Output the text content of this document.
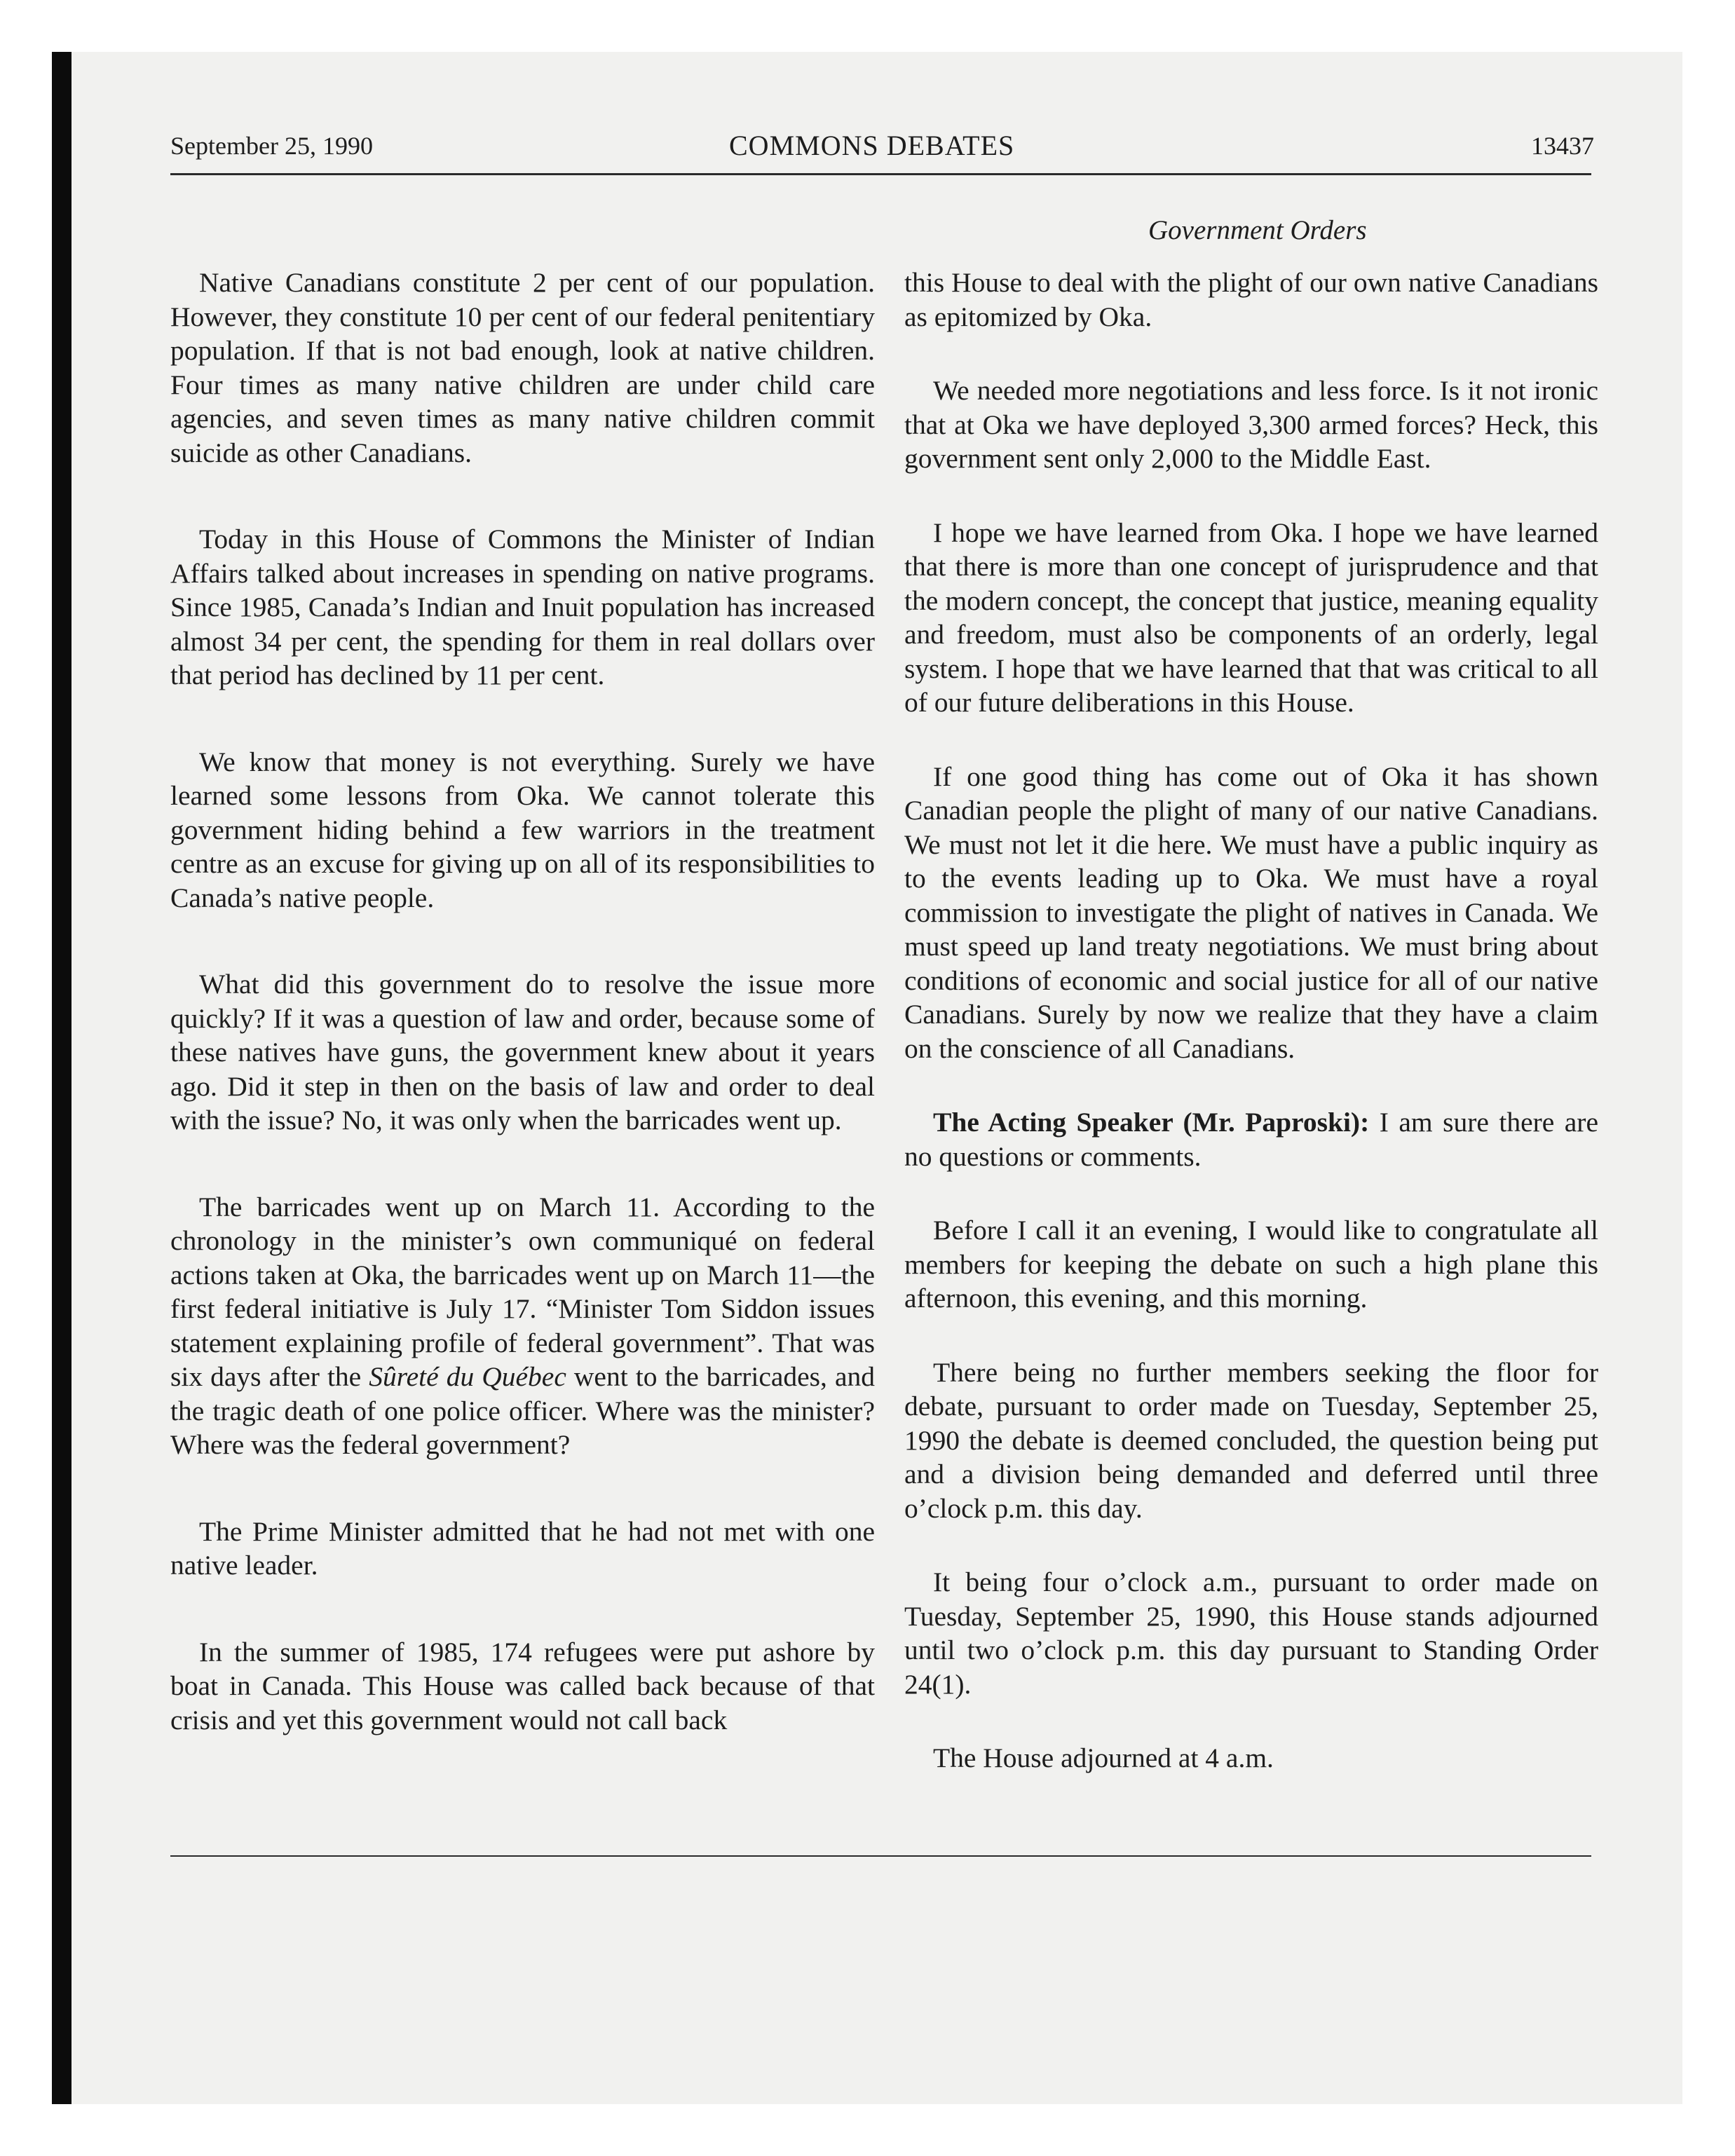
September 25, 1990	COMMONS DEBATES	13437
Government Orders

Native Canadians constitute 2 per cent of our population. However, they constitute 10 per cent of our federal penitentiary population. If that is not bad enough, look at native children. Four times as many native children are under child care agencies, and seven times as many native children commit suicide as other Canadians.

Today in this House of Commons the Minister of Indian Affairs talked about increases in spending on native programs. Since 1985, Canada’s Indian and Inuit population has increased almost 34 per cent, the spending for them in real dollars over that period has declined by 11 per cent.

We know that money is not everything. Surely we have learned some lessons from Oka. We cannot tolerate this government hiding behind a few warriors in the treatment centre as an excuse for giving up on all of its responsibilities to Canada’s native people.

What did this government do to resolve the issue more quickly? If it was a question of law and order, because some of these natives have guns, the government knew about it years ago. Did it step in then on the basis of law and order to deal with the issue? No, it was only when the barricades went up.

The barricades went up on March 11. According to the chronology in the minister’s own communiqué on federal actions taken at Oka, the barricades went up on March 11—the first federal initiative is July 17. “Minister Tom Siddon issues statement explaining profile of federal government”. That was six days after the Sûreté du Québec went to the barricades, and the tragic death of one police officer. Where was the minister? Where was the federal government?

The Prime Minister admitted that he had not met with one native leader.

In the summer of 1985, 174 refugees were put ashore by boat in Canada. This House was called back because of that crisis and yet this government would not call back

this House to deal with the plight of our own native Canadians as epitomized by Oka.

We needed more negotiations and less force. Is it not ironic that at Oka we have deployed 3,300 armed forces? Heck, this government sent only 2,000 to the Middle East.

I hope we have learned from Oka. I hope we have learned that there is more than one concept of jurisprudence and that the modern concept, the concept that justice, meaning equality and freedom, must also be components of an orderly, legal system. I hope that we have learned that that was critical to all of our future deliberations in this House.

If one good thing has come out of Oka it has shown Canadian people the plight of many of our native Canadians. We must not let it die here. We must have a public inquiry as to the events leading up to Oka. We must have a royal commission to investigate the plight of natives in Canada. We must speed up land treaty negotiations. We must bring about conditions of economic and social justice for all of our native Canadians. Surely by now we realize that they have a claim on the conscience of all Canadians.

The Acting Speaker (Mr. Paproski): I am sure there are no questions or comments.

Before I call it an evening, I would like to congratulate all members for keeping the debate on such a high plane this afternoon, this evening, and this morning.

There being no further members seeking the floor for debate, pursuant to order made on Tuesday, September 25, 1990 the debate is deemed concluded, the question being put and a division being demanded and deferred until three o’clock p.m. this day.

It being four o’clock a.m., pursuant to order made on Tuesday, September 25, 1990, this House stands adjourned until two o’clock p.m. this day pursuant to Standing Order 24(1).

The House adjourned at 4 a.m.
